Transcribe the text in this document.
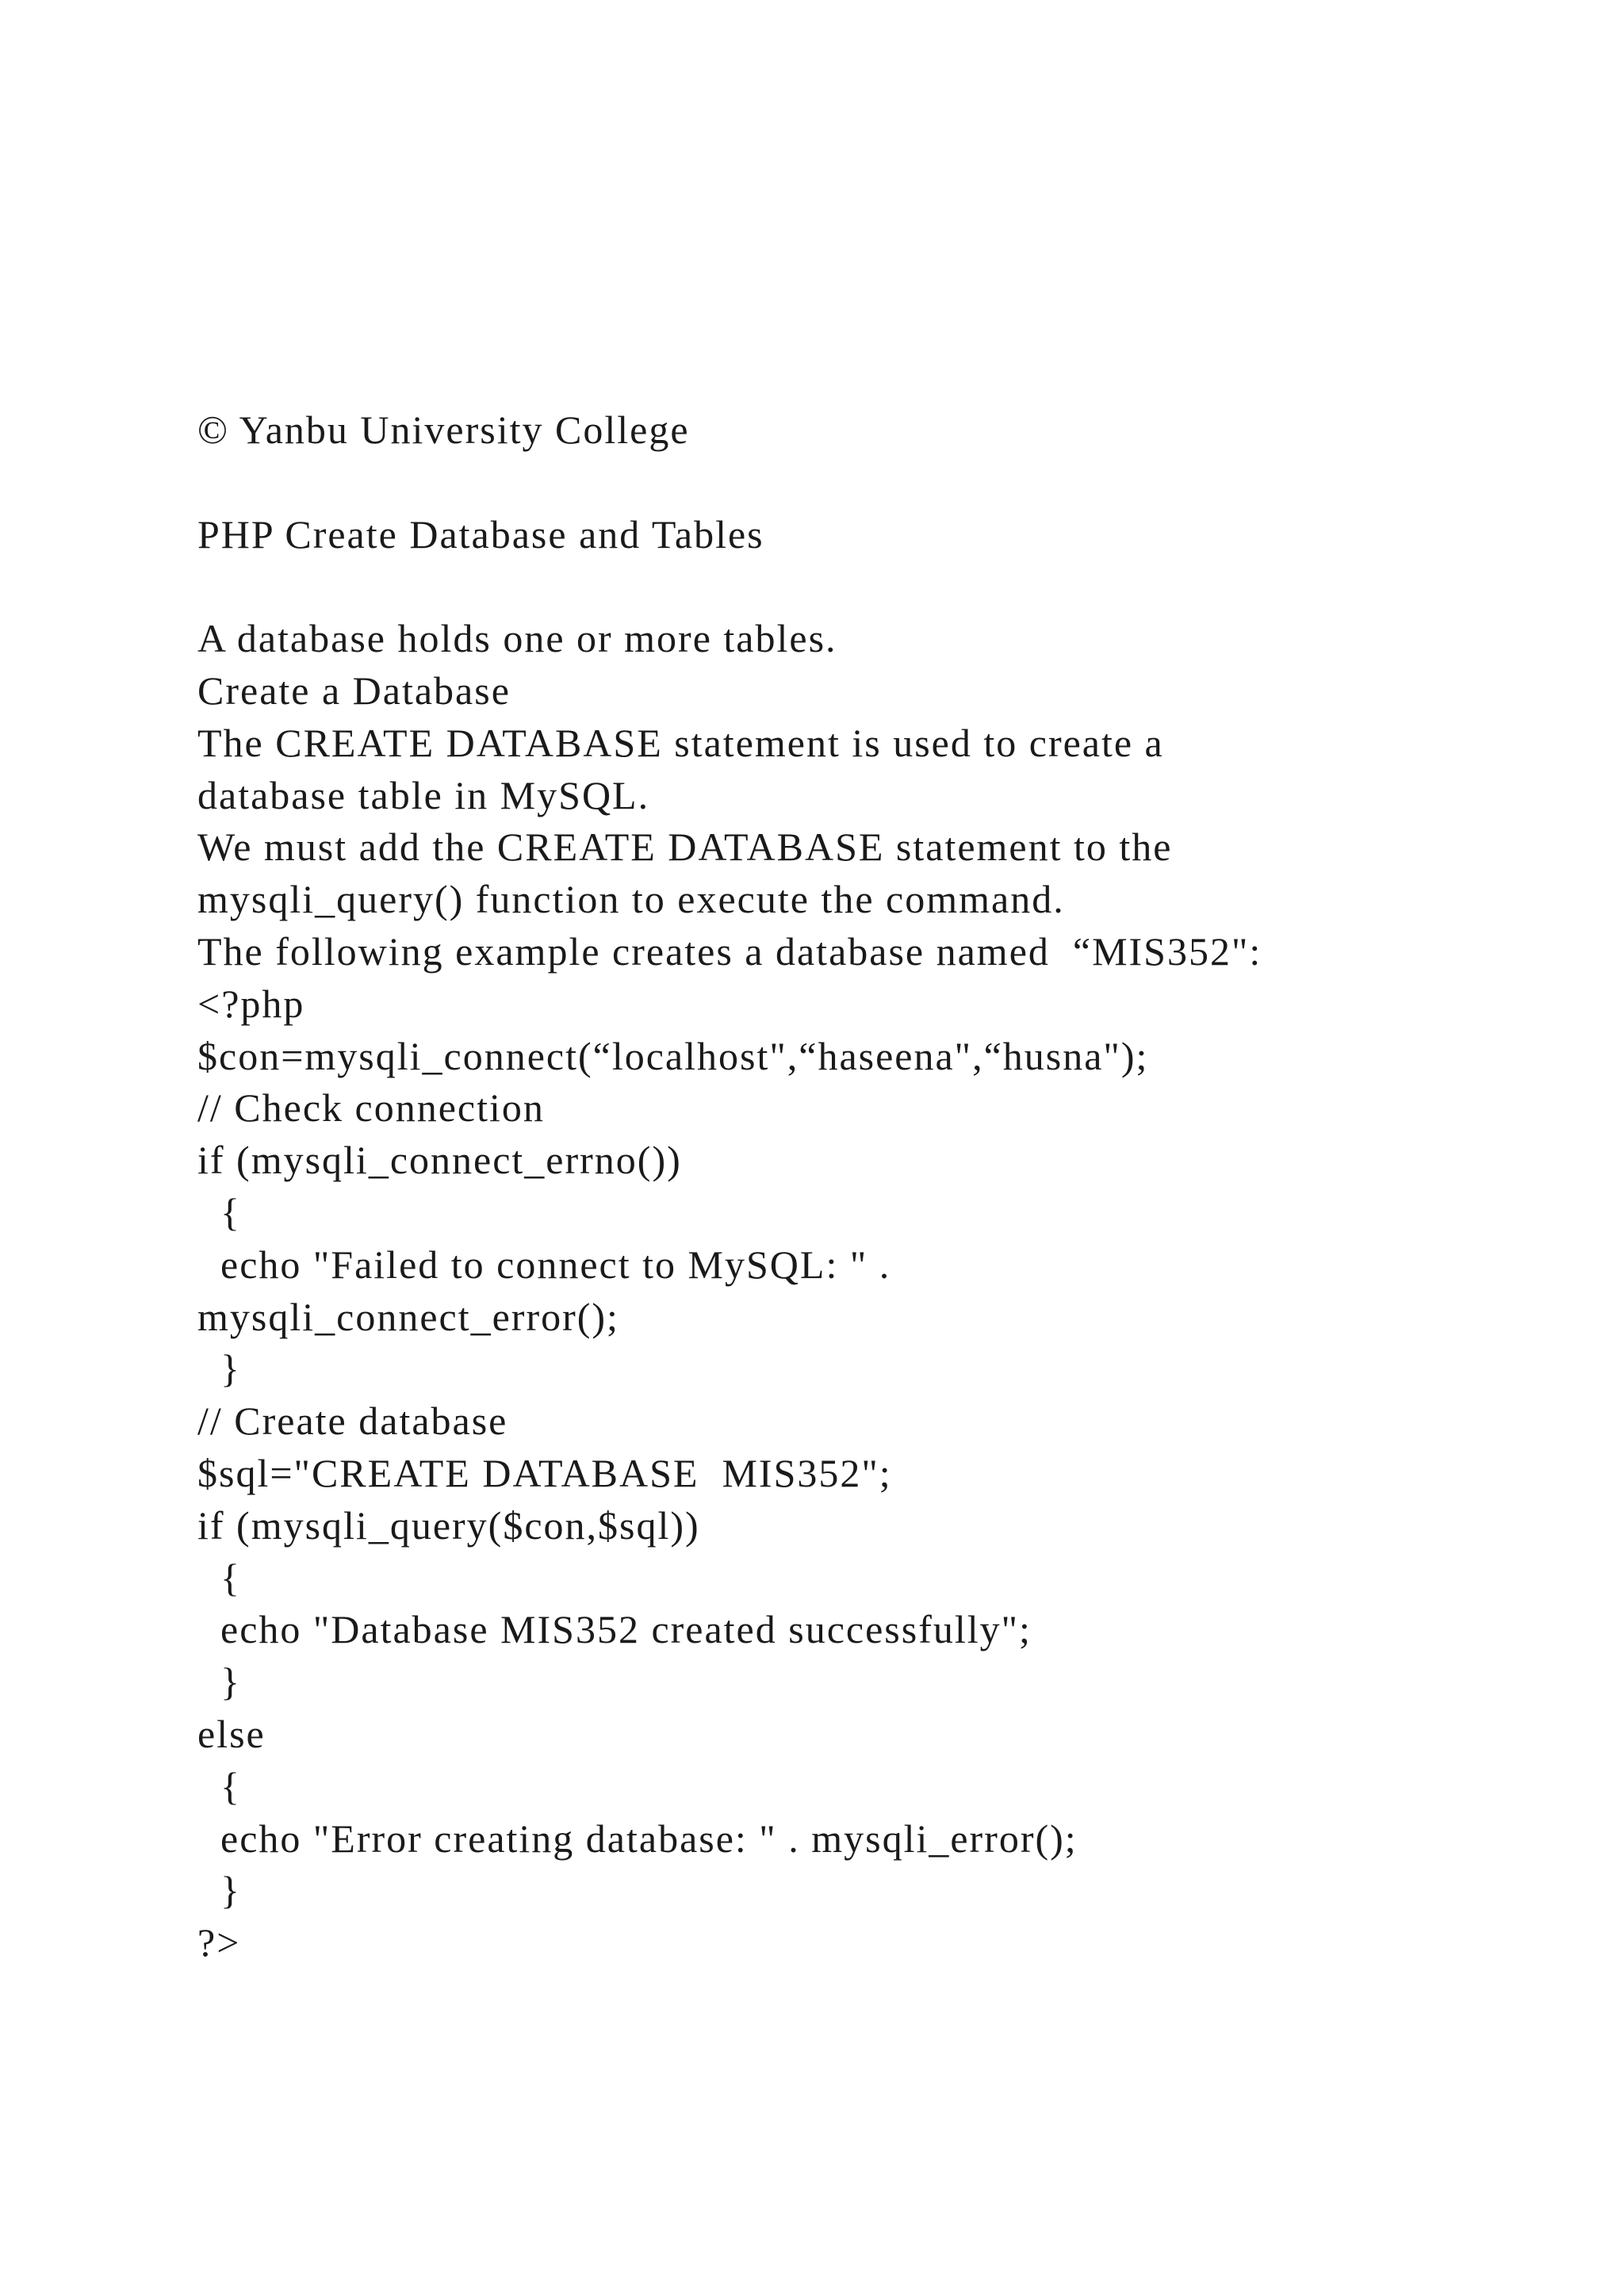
© Yanbu University College
PHP Create Database and Tables
A database holds one or more tables.
Create a Database
The CREATE DATABASE statement is used to create a
database table in MySQL.
We must add the CREATE DATABASE statement to the
mysqli_query() function to execute the command.
The following example creates a database named  “MIS352":
<?php
$con=mysqli_connect(“localhost",“haseena",“husna");
// Check connection
if (mysqli_connect_errno())
{
echo "Failed to connect to MySQL: " .
mysqli_connect_error();
}
// Create database
$sql="CREATE DATABASE  MIS352";
if (mysqli_query($con,$sql))
{
echo "Database MIS352 created successfully";
}
else
{
echo "Error creating database: " . mysqli_error();
}
?>
